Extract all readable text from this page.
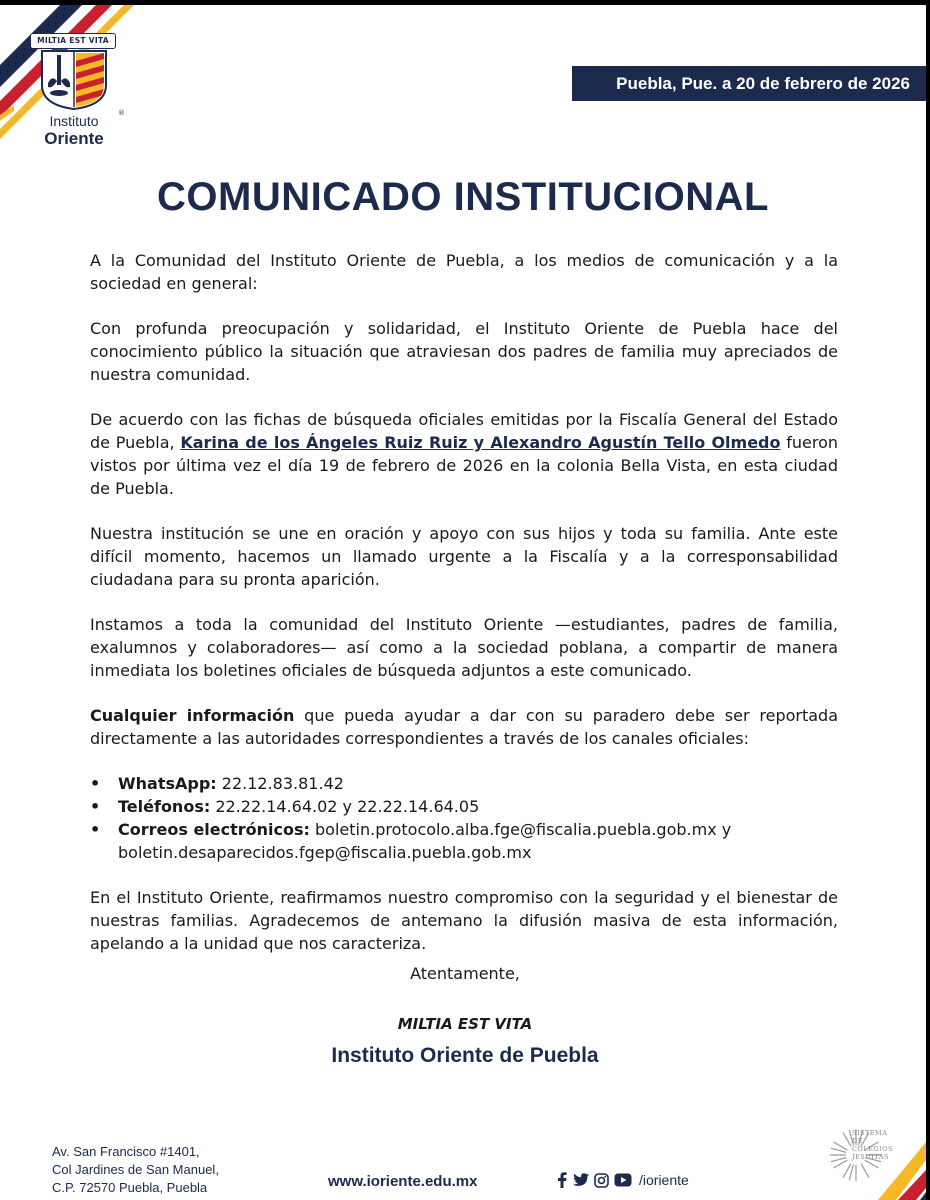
MILTIA EST VITA
®
Instituto
Oriente
Puebla, Pue. a 20 de febrero de 2026
COMUNICADO INSTITUCIONAL

A la Comunidad del Instituto Oriente de Puebla, a los medios de comunicación y a la sociedad en general:

Con profunda preocupación y solidaridad, el Instituto Oriente de Puebla hace del conocimiento público la situación que atraviesan dos padres de familia muy apreciados de nuestra comunidad.

De acuerdo con las fichas de búsqueda oficiales emitidas por la Fiscalía General del Estado de Puebla, Karina de los Ángeles Ruiz Ruiz y Alexandro Agustín Tello Olmedo fueron vistos por última vez el día 19 de febrero de 2026 en la colonia Bella Vista, en esta ciudad de Puebla.

Nuestra institución se une en oración y apoyo con sus hijos y toda su familia. Ante este difícil momento, hacemos un llamado urgente a la Fiscalía y a la corresponsabilidad ciudadana para su pronta aparición.

Instamos a toda la comunidad del Instituto Oriente —estudiantes, padres de familia, exalumnos y colaboradores— así como a la sociedad poblana, a compartir de manera inmediata los boletines oficiales de búsqueda adjuntos a este comunicado.

Cualquier información que pueda ayudar a dar con su paradero debe ser reportada directamente a las autoridades correspondientes a través de los canales oficiales:

• WhatsApp: 22.12.83.81.42
• Teléfonos: 22.22.14.64.02 y 22.22.14.64.05
• Correos electrónicos: boletin.protocolo.alba.fge@fiscalia.puebla.gob.mx y boletin.desaparecidos.fgep@fiscalia.puebla.gob.mx

En el Instituto Oriente, reafirmamos nuestro compromiso con la seguridad y el bienestar de nuestras familias. Agradecemos de antemano la difusión masiva de esta información, apelando a la unidad que nos caracteriza.

Atentamente,
MILTIA EST VITA
Instituto Oriente de Puebla
Av. San Francisco #1401,
Col Jardines de San Manuel,
C.P. 72570 Puebla, Puebla	www.ioriente.edu.mx	/ioriente
SISTEMA DE COLEGIOS JESUITAS
